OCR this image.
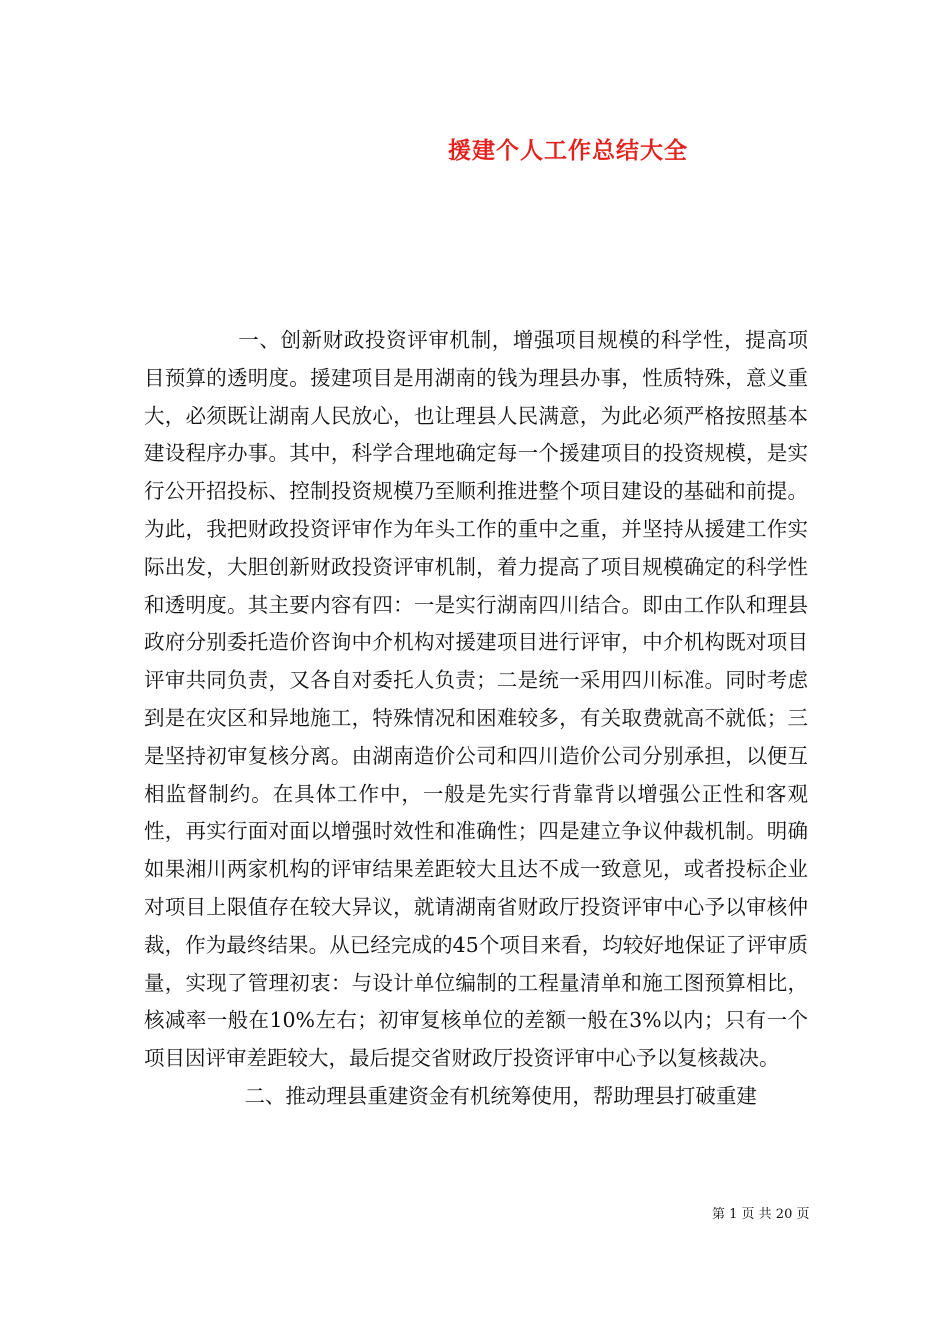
援建个人工作总结大全

一、创新财政投资评审机制，增强项目规模的科学性，提高项目预算的透明度。援建项目是用湖南的钱为理县办事，性质特殊，意义重大，必须既让湖南人民放心，也让理县人民满意，为此必须严格按照基本建设程序办事。其中，科学合理地确定每一个援建项目的投资规模，是实行公开招投标、控制投资规模乃至顺利推进整个项目建设的基础和前提。为此，我把财政投资评审作为年头工作的重中之重，并坚持从援建工作实际出发，大胆创新财政投资评审机制，着力提高了项目规模确定的科学性和透明度。其主要内容有四：一是实行湖南四川结合。即由工作队和理县政府分别委托造价咨询中介机构对援建项目进行评审，中介机构既对项目评审共同负责，又各自对委托人负责；二是统一采用四川标准。同时考虑到是在灾区和异地施工，特殊情况和困难较多，有关取费就高不就低；三是坚持初审复核分离。由湖南造价公司和四川造价公司分别承担，以便互相监督制约。在具体工作中，一般是先实行背靠背以增强公正性和客观性，再实行面对面以增强时效性和准确性；四是建立争议仲裁机制。明确如果湘川两家机构的评审结果差距较大且达不成一致意见，或者投标企业对项目上限值存在较大异议，就请湖南省财政厅投资评审中心予以审核仲裁，作为最终结果。从已经完成的45个项目来看，均较好地保证了评审质量，实现了管理初衷：与设计单位编制的工程量清单和施工图预算相比，核减率一般在10%左右；初审复核单位的差额一般在3%以内；只有一个项目因评审差距较大，最后提交省财政厅投资评审中心予以复核裁决。

二、推动理县重建资金有机统筹使用，帮助理县打破重建

第 1 页 共 20 页
